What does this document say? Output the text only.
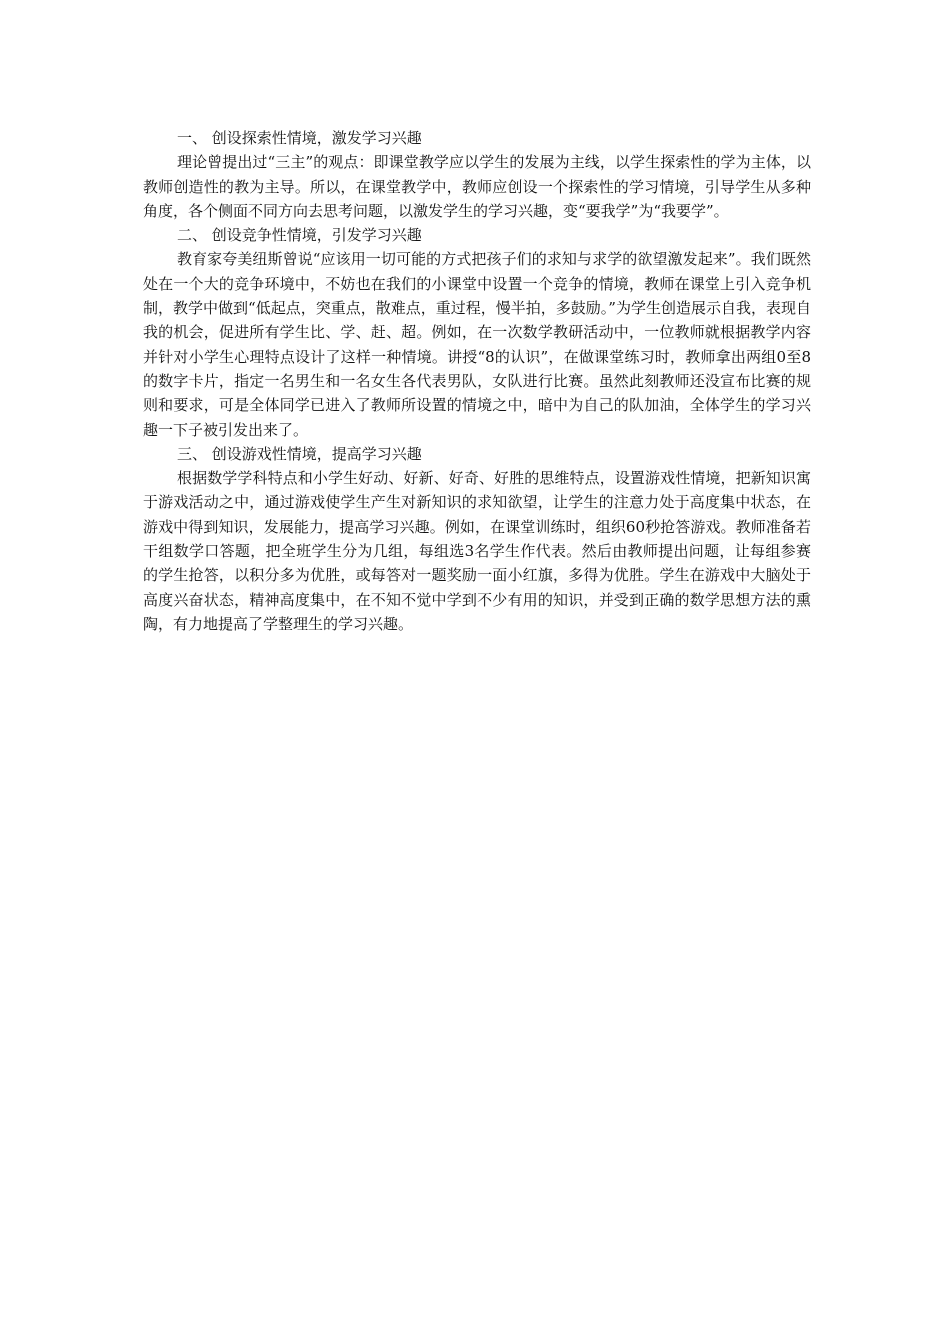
一、 创设探索性情境，激发学习兴趣

理论曾提出过“三主”的观点：即课堂教学应以学生的发展为主线，以学生探索性的学为主体，以教师创造性的教为主导。所以，在课堂教学中，教师应创设一个探索性的学习情境，引导学生从多种角度，各个侧面不同方向去思考问题，以激发学生的学习兴趣，变“要我学”为“我要学”。

二、 创设竞争性情境，引发学习兴趣

教育家夸美纽斯曾说“应该用一切可能的方式把孩子们的求知与求学的欲望激发起来”。我们既然处在一个大的竞争环境中，不妨也在我们的小课堂中设置一个竞争的情境，教师在课堂上引入竞争机制，教学中做到“低起点，突重点，散难点，重过程，慢半拍，多鼓励。”为学生创造展示自我，表现自我的机会，促进所有学生比、学、赶、超。例如，在一次数学教研活动中，一位教师就根据教学内容并针对小学生心理特点设计了这样一种情境。讲授“8的认识”，在做课堂练习时，教师拿出两组0至8的数字卡片，指定一名男生和一名女生各代表男队，女队进行比赛。虽然此刻教师还没宣布比赛的规则和要求，可是全体同学已进入了教师所设置的情境之中，暗中为自己的队加油，全体学生的学习兴趣一下子被引发出来了。

三、 创设游戏性情境，提高学习兴趣

根据数学学科特点和小学生好动、好新、好奇、好胜的思维特点，设置游戏性情境，把新知识寓于游戏活动之中，通过游戏使学生产生对新知识的求知欲望，让学生的注意力处于高度集中状态，在游戏中得到知识，发展能力，提高学习兴趣。例如，在课堂训练时，组织60秒抢答游戏。教师准备若干组数学口答题，把全班学生分为几组，每组选3名学生作代表。然后由教师提出问题，让每组参赛的学生抢答，以积分多为优胜，或每答对一题奖励一面小红旗，多得为优胜。学生在游戏中大脑处于高度兴奋状态，精神高度集中，在不知不觉中学到不少有用的知识，并受到正确的数学思想方法的熏陶，有力地提高了学整理生的学习兴趣。
